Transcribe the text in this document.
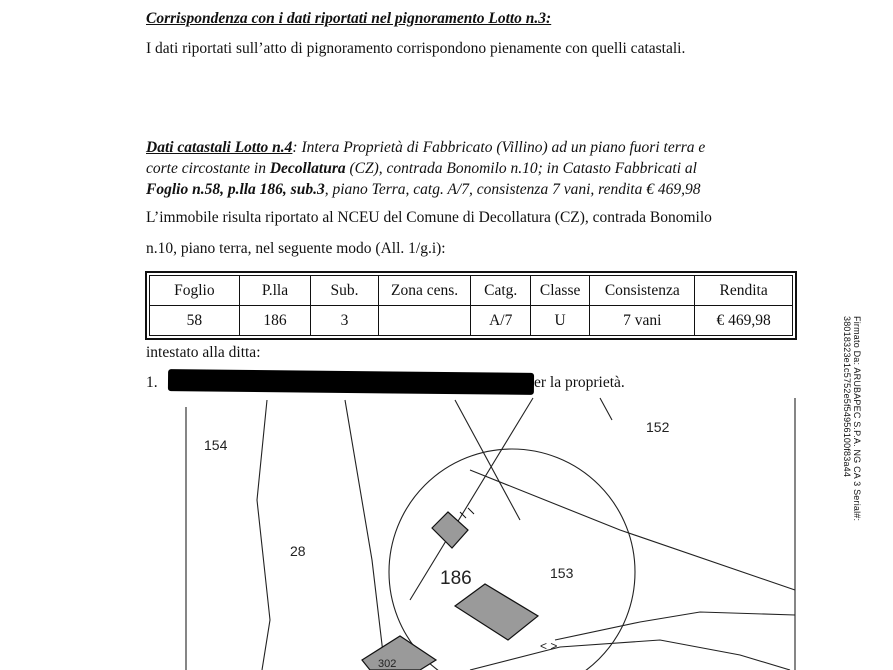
Corrispondenza con i dati riportati nel pignoramento Lotto n.3:

I dati riportati sull’atto di pignoramento corrispondono pienamente con quelli catastali.

Dati catastali Lotto n.4: Intera Proprietà di Fabbricato (Villino) ad un piano fuori terra e

corte circostante in Decollatura (CZ), contrada Bonomilo n.10; in Catasto Fabbricati al

Foglio n.58, p.lla 186, sub.3, piano Terra, catg. A/7, consistenza 7 vani, rendita € 469,98

L’immobile risulta riportato al NCEU del Comune di Decollatura (CZ), contrada Bonomilo

n.10, piano terra, nel seguente modo (All. 1/g.i):

Foglio	P.lla	Sub.	Zona cens.	Catg.	Classe	Consistenza	Rendita
58	186	3		A/7	U	7 vani	€ 469,98

intestato alla ditta:

1.	er la proprietà.

154
152
28
186	153
302
< >
Firmato Da: ARUBAPEC S.P.A. NG CA 3 Serial#: 38018323e1c5752e5f54956100f83a44
